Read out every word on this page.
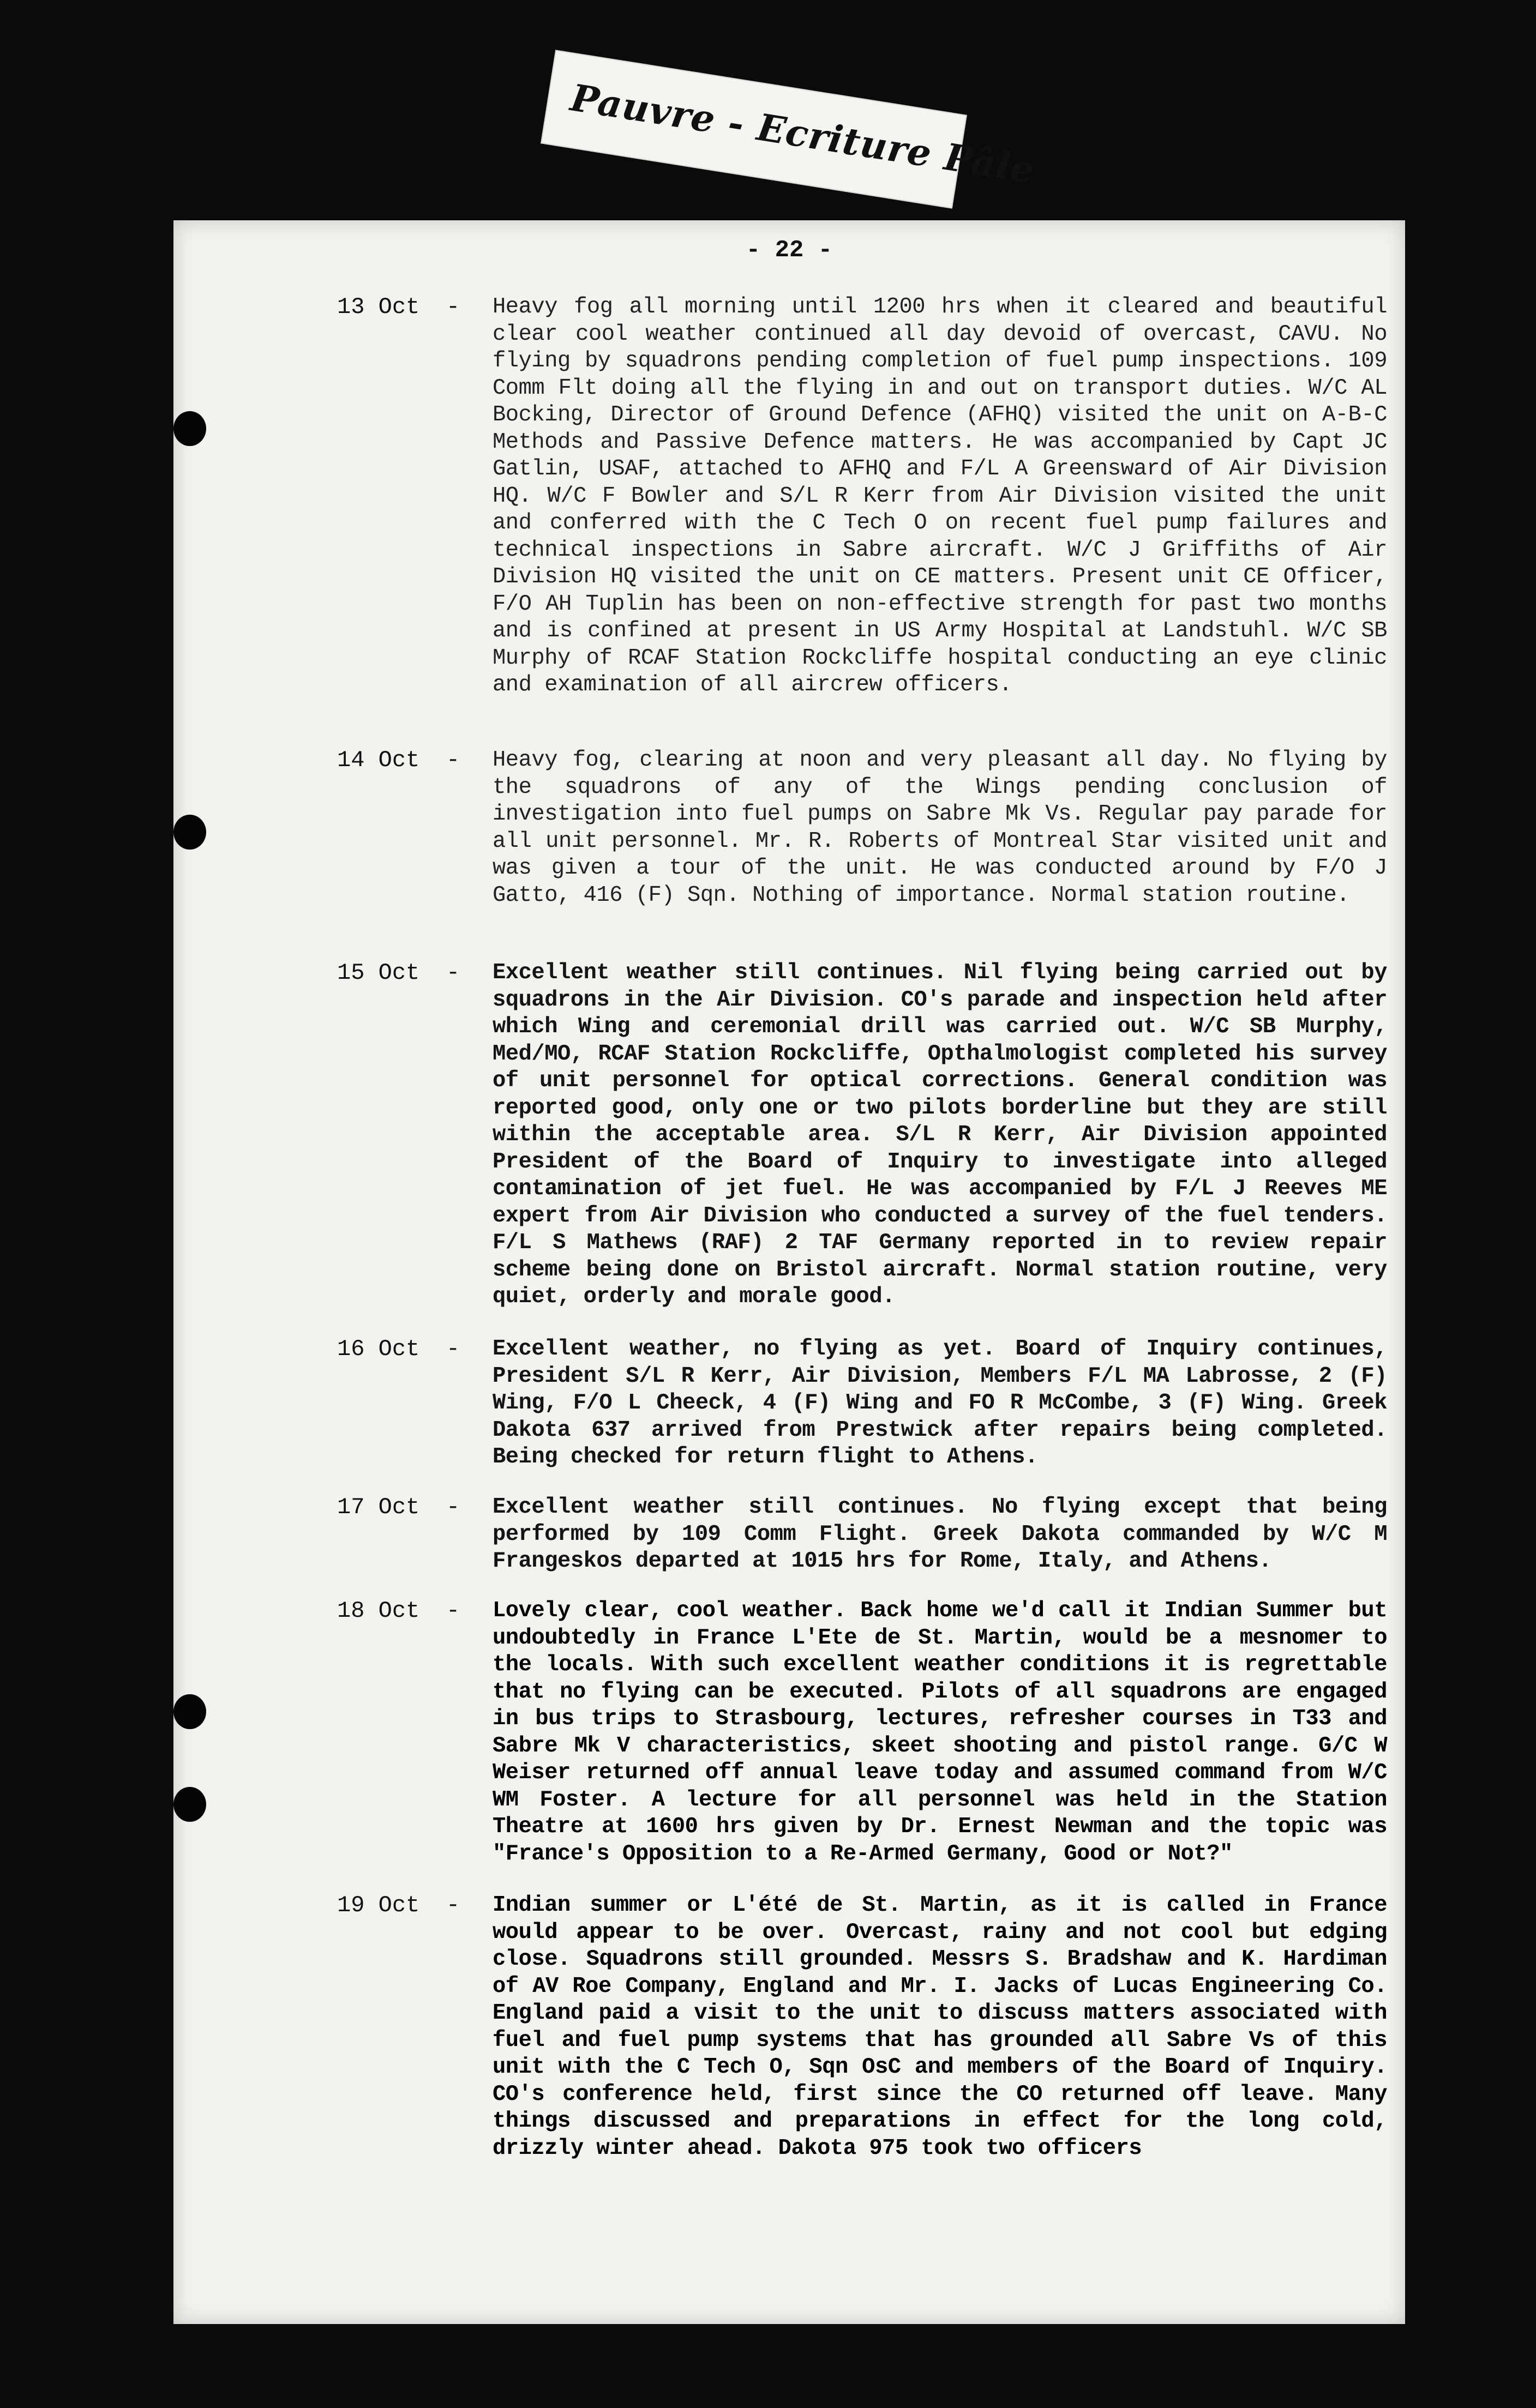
Pauvre - Ecriture Pâle
- 22 -
13 Oct	- Heavy fog all morning until 1200 hrs when it cleared and beautiful clear cool weather continued all day devoid of overcast, CAVU. No flying by squadrons pending completion of fuel pump inspections. 109 Comm Flt doing all the flying in and out on transport duties. W/C AL Bocking, Director of Ground Defence (AFHQ) visited the unit on A-B-C Methods and Passive Defence matters. He was accompanied by Capt JC Gatlin, USAF, attached to AFHQ and F/L A Greensward of Air Division HQ. W/C F Bowler and S/L R Kerr from Air Division visited the unit and conferred with the C Tech O on recent fuel pump failures and technical inspections in Sabre aircraft. W/C J Griffiths of Air Division HQ visited the unit on CE matters. Present unit CE Officer, F/O AH Tuplin has been on non-effective strength for past two months and is confined at present in US Army Hospital at Landstuhl. W/C SB Murphy of RCAF Station Rockcliffe hospital conducting an eye clinic and examination of all aircrew officers.
14 Oct	- Heavy fog, clearing at noon and very pleasant all day. No flying by the squadrons of any of the Wings pending conclusion of investigation into fuel pumps on Sabre Mk Vs. Regular pay parade for all unit personnel. Mr. R. Roberts of Montreal Star visited unit and was given a tour of the unit. He was conducted around by F/O J Gatto, 416 (F) Sqn. Nothing of importance. Normal station routine.
15 Oct	- Excellent weather still continues. Nil flying being carried out by squadrons in the Air Division. CO's parade and inspection held after which Wing and ceremonial drill was carried out. W/C SB Murphy, Med/MO, RCAF Station Rockcliffe, Opthalmologist completed his survey of unit personnel for optical corrections. General condition was reported good, only one or two pilots borderline but they are still within the acceptable area. S/L R Kerr, Air Division appointed President of the Board of Inquiry to investigate into alleged contamination of jet fuel. He was accompanied by F/L J Reeves ME expert from Air Division who conducted a survey of the fuel tenders. F/L S Mathews (RAF) 2 TAF Germany reported in to review repair scheme being done on Bristol aircraft. Normal station routine, very quiet, orderly and morale good.
16 Oct	- Excellent weather, no flying as yet. Board of Inquiry continues, President S/L R Kerr, Air Division, Members F/L MA Labrosse, 2 (F) Wing, F/O L Cheeck, 4 (F) Wing and FO R McCombe, 3 (F) Wing. Greek Dakota 637 arrived from Prestwick after repairs being completed. Being checked for return flight to Athens.
17 Oct	- Excellent weather still continues. No flying except that being performed by 109 Comm Flight. Greek Dakota commanded by W/C M Frangeskos departed at 1015 hrs for Rome, Italy, and Athens.
18 Oct	- Lovely clear, cool weather. Back home we'd call it Indian Summer but undoubtedly in France L'Ete de St. Martin, would be a mesnomer to the locals. With such excellent weather conditions it is regrettable that no flying can be executed. Pilots of all squadrons are engaged in bus trips to Strasbourg, lectures, refresher courses in T33 and Sabre Mk V characteristics, skeet shooting and pistol range. G/C W Weiser returned off annual leave today and assumed command from W/C WM Foster. A lecture for all personnel was held in the Station Theatre at 1600 hrs given by Dr. Ernest Newman and the topic was "France's Opposition to a Re-Armed Germany, Good or Not?"
19 Oct	- Indian summer or L'été de St. Martin, as it is called in France would appear to be over. Overcast, rainy and not cool but edging close. Squadrons still grounded. Messrs S. Bradshaw and K. Hardiman of AV Roe Company, England and Mr. I. Jacks of Lucas Engineering Co. England paid a visit to the unit to discuss matters associated with fuel and fuel pump systems that has grounded all Sabre Vs of this unit with the C Tech O, Sqn OsC and members of the Board of Inquiry. CO's conference held, first since the CO returned off leave. Many things discussed and preparations in effect for the long cold, drizzly winter ahead. Dakota 975 took two officers
